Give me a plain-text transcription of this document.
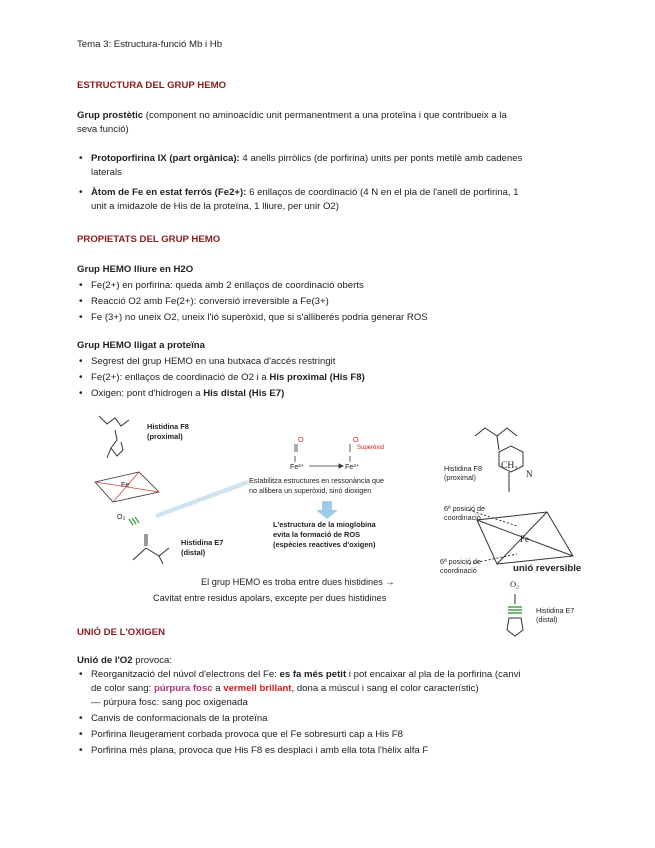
Tema 3: Estructura-funció Mb i Hb
ESTRUCTURA DEL GRUP HEMO
Grup prostètic (component no aminoacídic unit permanentment a una proteïna i que contribueix a la
seva funció)
• Protoporfirina IX (part orgànica): 4 anells pirròlics (de porfirina) units per ponts metilè amb cadenes
laterals
• Àtom de Fe en estat ferrós (Fe2+): 6 enllaços de coordinació (4 N en el pla de l'anell de porfirina, 1
unit a imidazole de His de la proteïna, 1 lliure, per unir O2)
PROPIETATS DEL GRUP HEMO
Grup HEMO lliure en H2O
• Fe(2+) en porfirina: queda amb 2 enllaços de coordinació oberts
• Reacció O2 amb Fe(2+): conversió irreversible a Fe(3+)
• Fe (3+) no uneix O2, uneix l'ió superòxid, que si s'alliberés podria generar ROS
Grup HEMO lligat a proteïna
• Segrest del grup HEMO en una butxaca d'accés restringit
• Fe(2+): enllaços de coordinació de O2 i a His proximal (His F8)
• Oxigen: pont d'hidrogen a His distal (His E7)
Histidina F8
(proximal)
Fe
O₂
Histidina E7
(distal)
O	O
Fe²⁺	Fe³⁺
Superòxid
Estabilitza estructures en ressonància que
no allibera un superòxid, sinó dioxigen
L'estructura de la mioglobina
evita la formació de ROS
(espècies reactives d'oxigen)
El grup HEMO es troba entre dues histidines →
Cavitat entre residus apolars, excepte per dues histidines
Histidina F8
(proximal)
CH₃
N
6ª posició de
coordinació
Fe
6ª posició de
coordinació	unió reversible
O₂
Histidina E7
(distal)
UNIÓ DE L'OXIGEN
Unió de l'O2 provoca:
• Reorganització del núvol d'electrons del Fe: es fa més petit i pot encaixar al pla de la porfirina (canvi
de color sang: púrpura fosc a vermell brillant, dona a múscul i sang el color característic)
— púrpura fosc: sang poc oxigenada
• Canvis de conformacionals de la proteïna
• Porfirina lleugerament corbada provoca que el Fe sobresurti cap a His F8
• Porfirina més plana, provoca que His F8 es desplaci i amb ella tota l'hèlix alfa F
